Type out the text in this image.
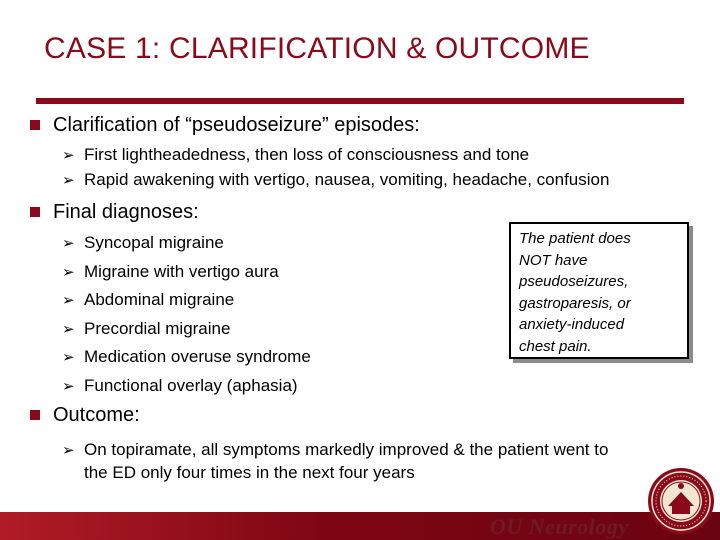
CASE 1: CLARIFICATION & OUTCOME
Clarification of “pseudoseizure” episodes:
➢ First lightheadedness, then loss of consciousness and tone
➢ Rapid awakening with vertigo, nausea, vomiting, headache, confusion
Final diagnoses:
➢ Syncopal migraine
➢ Migraine with vertigo aura
➢ Abdominal migraine
➢ Precordial migraine
➢ Medication overuse syndrome
➢ Functional overlay (aphasia)
The patient does
NOT have
pseudoseizures,
gastroparesis, or
anxiety-induced
chest pain.
Outcome:
➢ On topiramate, all symptoms markedly improved & the patient went to
the ED only four times in the next four years
OU Neurology
